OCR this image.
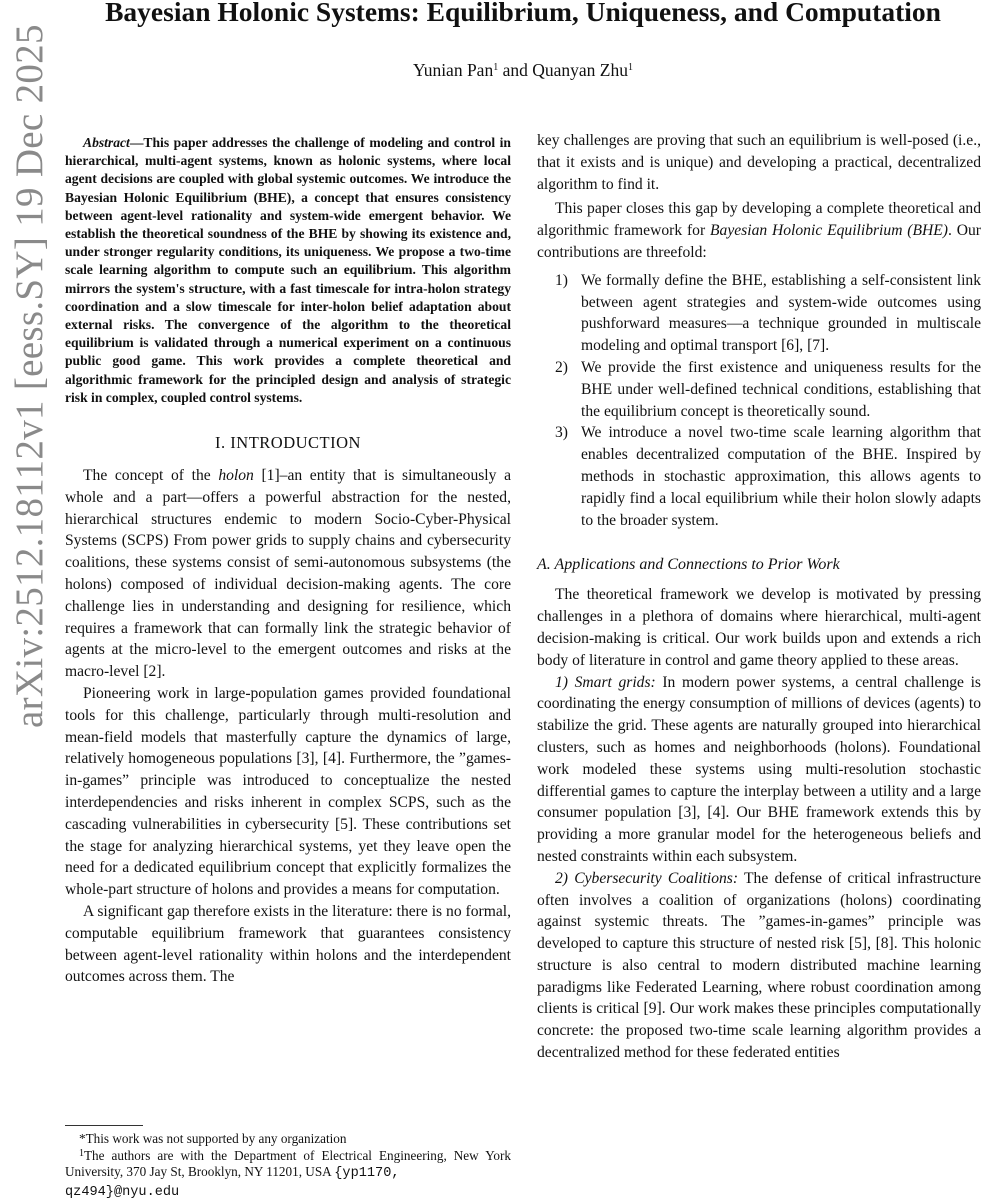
arXiv:2512.18112v1 [eess.SY] 19 Dec 2025
Bayesian Holonic Systems: Equilibrium, Uniqueness, and Computation
Yunian Pan$^1$ and Quanyan Zhu$^1$

Abstract—This paper addresses the challenge of modeling and control in hierarchical, multi-agent systems, known as holonic systems, where local agent decisions are coupled with global systemic outcomes. We introduce the Bayesian Holonic Equilibrium (BHE), a concept that ensures consistency between agent-level rationality and system-wide emergent behavior. We establish the theoretical soundness of the BHE by showing its existence and, under stronger regularity conditions, its uniqueness. We propose a two-time scale learning algorithm to compute such an equilibrium. This algorithm mirrors the system's structure, with a fast timescale for intra-holon strategy coordination and a slow timescale for inter-holon belief adaptation about external risks. The convergence of the algorithm to the theoretical equilibrium is validated through a numerical experiment on a continuous public good game. This work provides a complete theoretical and algorithmic framework for the principled design and analysis of strategic risk in complex, coupled control systems.

I. INTRODUCTION

The concept of the holon [1]–an entity that is simultaneously a whole and a part—offers a powerful abstraction for the nested, hierarchical structures endemic to modern Socio-Cyber-Physical Systems (SCPS) From power grids to supply chains and cybersecurity coalitions, these systems consist of semi-autonomous subsystems (the holons) composed of individual decision-making agents. The core challenge lies in understanding and designing for resilience, which requires a framework that can formally link the strategic behavior of agents at the micro-level to the emergent outcomes and risks at the macro-level [2].

Pioneering work in large-population games provided foundational tools for this challenge, particularly through multi-resolution and mean-field models that masterfully capture the dynamics of large, relatively homogeneous populations [3], [4]. Furthermore, the ”games-in-games” principle was introduced to conceptualize the nested interdependencies and risks inherent in complex SCPS, such as the cascading vulnerabilities in cybersecurity [5]. These contributions set the stage for analyzing hierarchical systems, yet they leave open the need for a dedicated equilibrium concept that explicitly formalizes the whole-part structure of holons and provides a means for computation.

A significant gap therefore exists in the literature: there is no formal, computable equilibrium framework that guarantees consistency between agent-level rationality within holons and the interdependent outcomes across them. The

*This work was not supported by any organization

$^1$The authors are with the Department of Electrical Engineering, New York University, 370 Jay St, Brooklyn, NY 11201, USA {yp1170,
qz494}@nyu.edu

key challenges are proving that such an equilibrium is well-posed (i.e., that it exists and is unique) and developing a practical, decentralized algorithm to find it.

This paper closes this gap by developing a complete theoretical and algorithmic framework for Bayesian Holonic Equilibrium (BHE). Our contributions are threefold:

1) We formally define the BHE, establishing a self-consistent link between agent strategies and system-wide outcomes using pushforward measures—a technique grounded in multiscale modeling and optimal transport [6], [7].
2) We provide the first existence and uniqueness results for the BHE under well-defined technical conditions, establishing that the equilibrium concept is theoretically sound.
3) We introduce a novel two-time scale learning algorithm that enables decentralized computation of the BHE. Inspired by methods in stochastic approximation, this allows agents to rapidly find a local equilibrium while their holon slowly adapts to the broader system.
A. Applications and Connections to Prior Work

The theoretical framework we develop is motivated by pressing challenges in a plethora of domains where hierarchical, multi-agent decision-making is critical. Our work builds upon and extends a rich body of literature in control and game theory applied to these areas.

1) Smart grids: In modern power systems, a central challenge is coordinating the energy consumption of millions of devices (agents) to stabilize the grid. These agents are naturally grouped into hierarchical clusters, such as homes and neighborhoods (holons). Foundational work modeled these systems using multi-resolution stochastic differential games to capture the interplay between a utility and a large consumer population [3], [4]. Our BHE framework extends this by providing a more granular model for the heterogeneous beliefs and nested constraints within each subsystem.

2) Cybersecurity Coalitions: The defense of critical infrastructure often involves a coalition of organizations (holons) coordinating against systemic threats. The ”games-in-games” principle was developed to capture this structure of nested risk [5], [8]. This holonic structure is also central to modern distributed machine learning paradigms like Federated Learning, where robust coordination among clients is critical [9]. Our work makes these principles computationally concrete: the proposed two-time scale learning algorithm provides a decentralized method for these federated entities
